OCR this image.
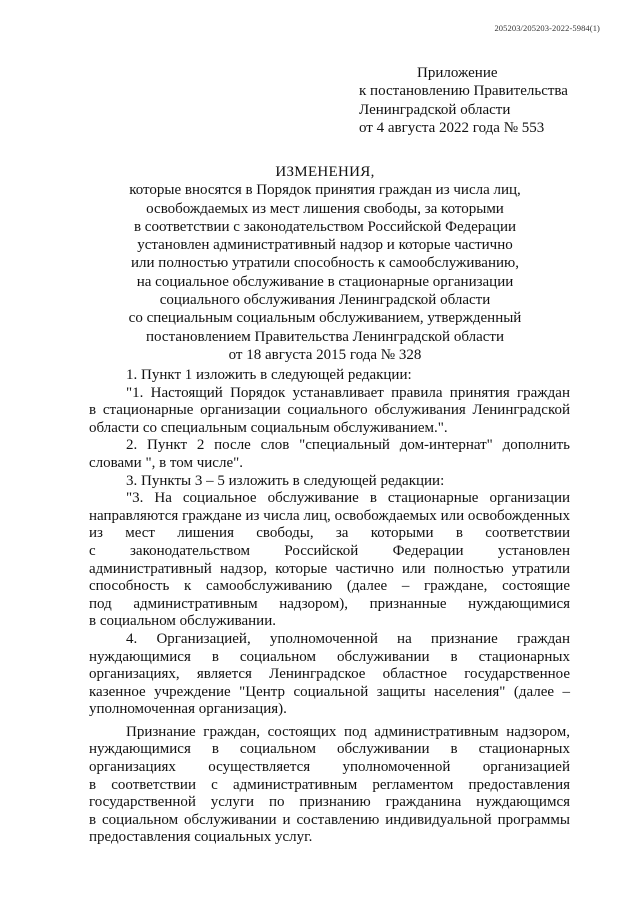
205203/205203-2022-5984(1)
Приложение
к постановлению Правительства
Ленинградской области
от 4 августа 2022 года № 553
ИЗМЕНЕНИЯ,
которые вносятся в Порядок принятия граждан из числа лиц,
освобождаемых из мест лишения свободы, за которыми
в соответствии с законодательством Российской Федерации
установлен административный надзор и которые частично
или полностью утратили способность к самообслуживанию,
на социальное обслуживание в стационарные организации
социального обслуживания Ленинградской области
со специальным социальным обслуживанием, утвержденный
постановлением Правительства Ленинградской области
от 18 августа 2015 года № 328
1. Пункт 1 изложить в следующей редакции:
"1. Настоящий Порядок устанавливает правила принятия граждан
в стационарные организации социального обслуживания Ленинградской
области со специальным социальным обслуживанием.".
2. Пункт 2 после слов "специальный дом-интернат" дополнить
словами ", в том числе".
3. Пункты 3 – 5 изложить в следующей редакции:
"3. На социальное обслуживание в стационарные организации
направляются граждане из числа лиц, освобождаемых или освобожденных
из мест лишения свободы, за которыми в соответствии
с законодательством Российской Федерации установлен
административный надзор, которые частично или полностью утратили
способность к самообслуживанию (далее – граждане, состоящие
под административным надзором), признанные нуждающимися
в социальном обслуживании.
4. Организацией, уполномоченной на признание граждан
нуждающимися в социальном обслуживании в стационарных
организациях, является Ленинградское областное государственное
казенное учреждение "Центр социальной защиты населения" (далее –
уполномоченная организация).
Признание граждан, состоящих под административным надзором,
нуждающимися в социальном обслуживании в стационарных
организациях осуществляется уполномоченной организацией
в соответствии с административным регламентом предоставления
государственной услуги по признанию гражданина нуждающимся
в социальном обслуживании и составлению индивидуальной программы
предоставления социальных услуг.
